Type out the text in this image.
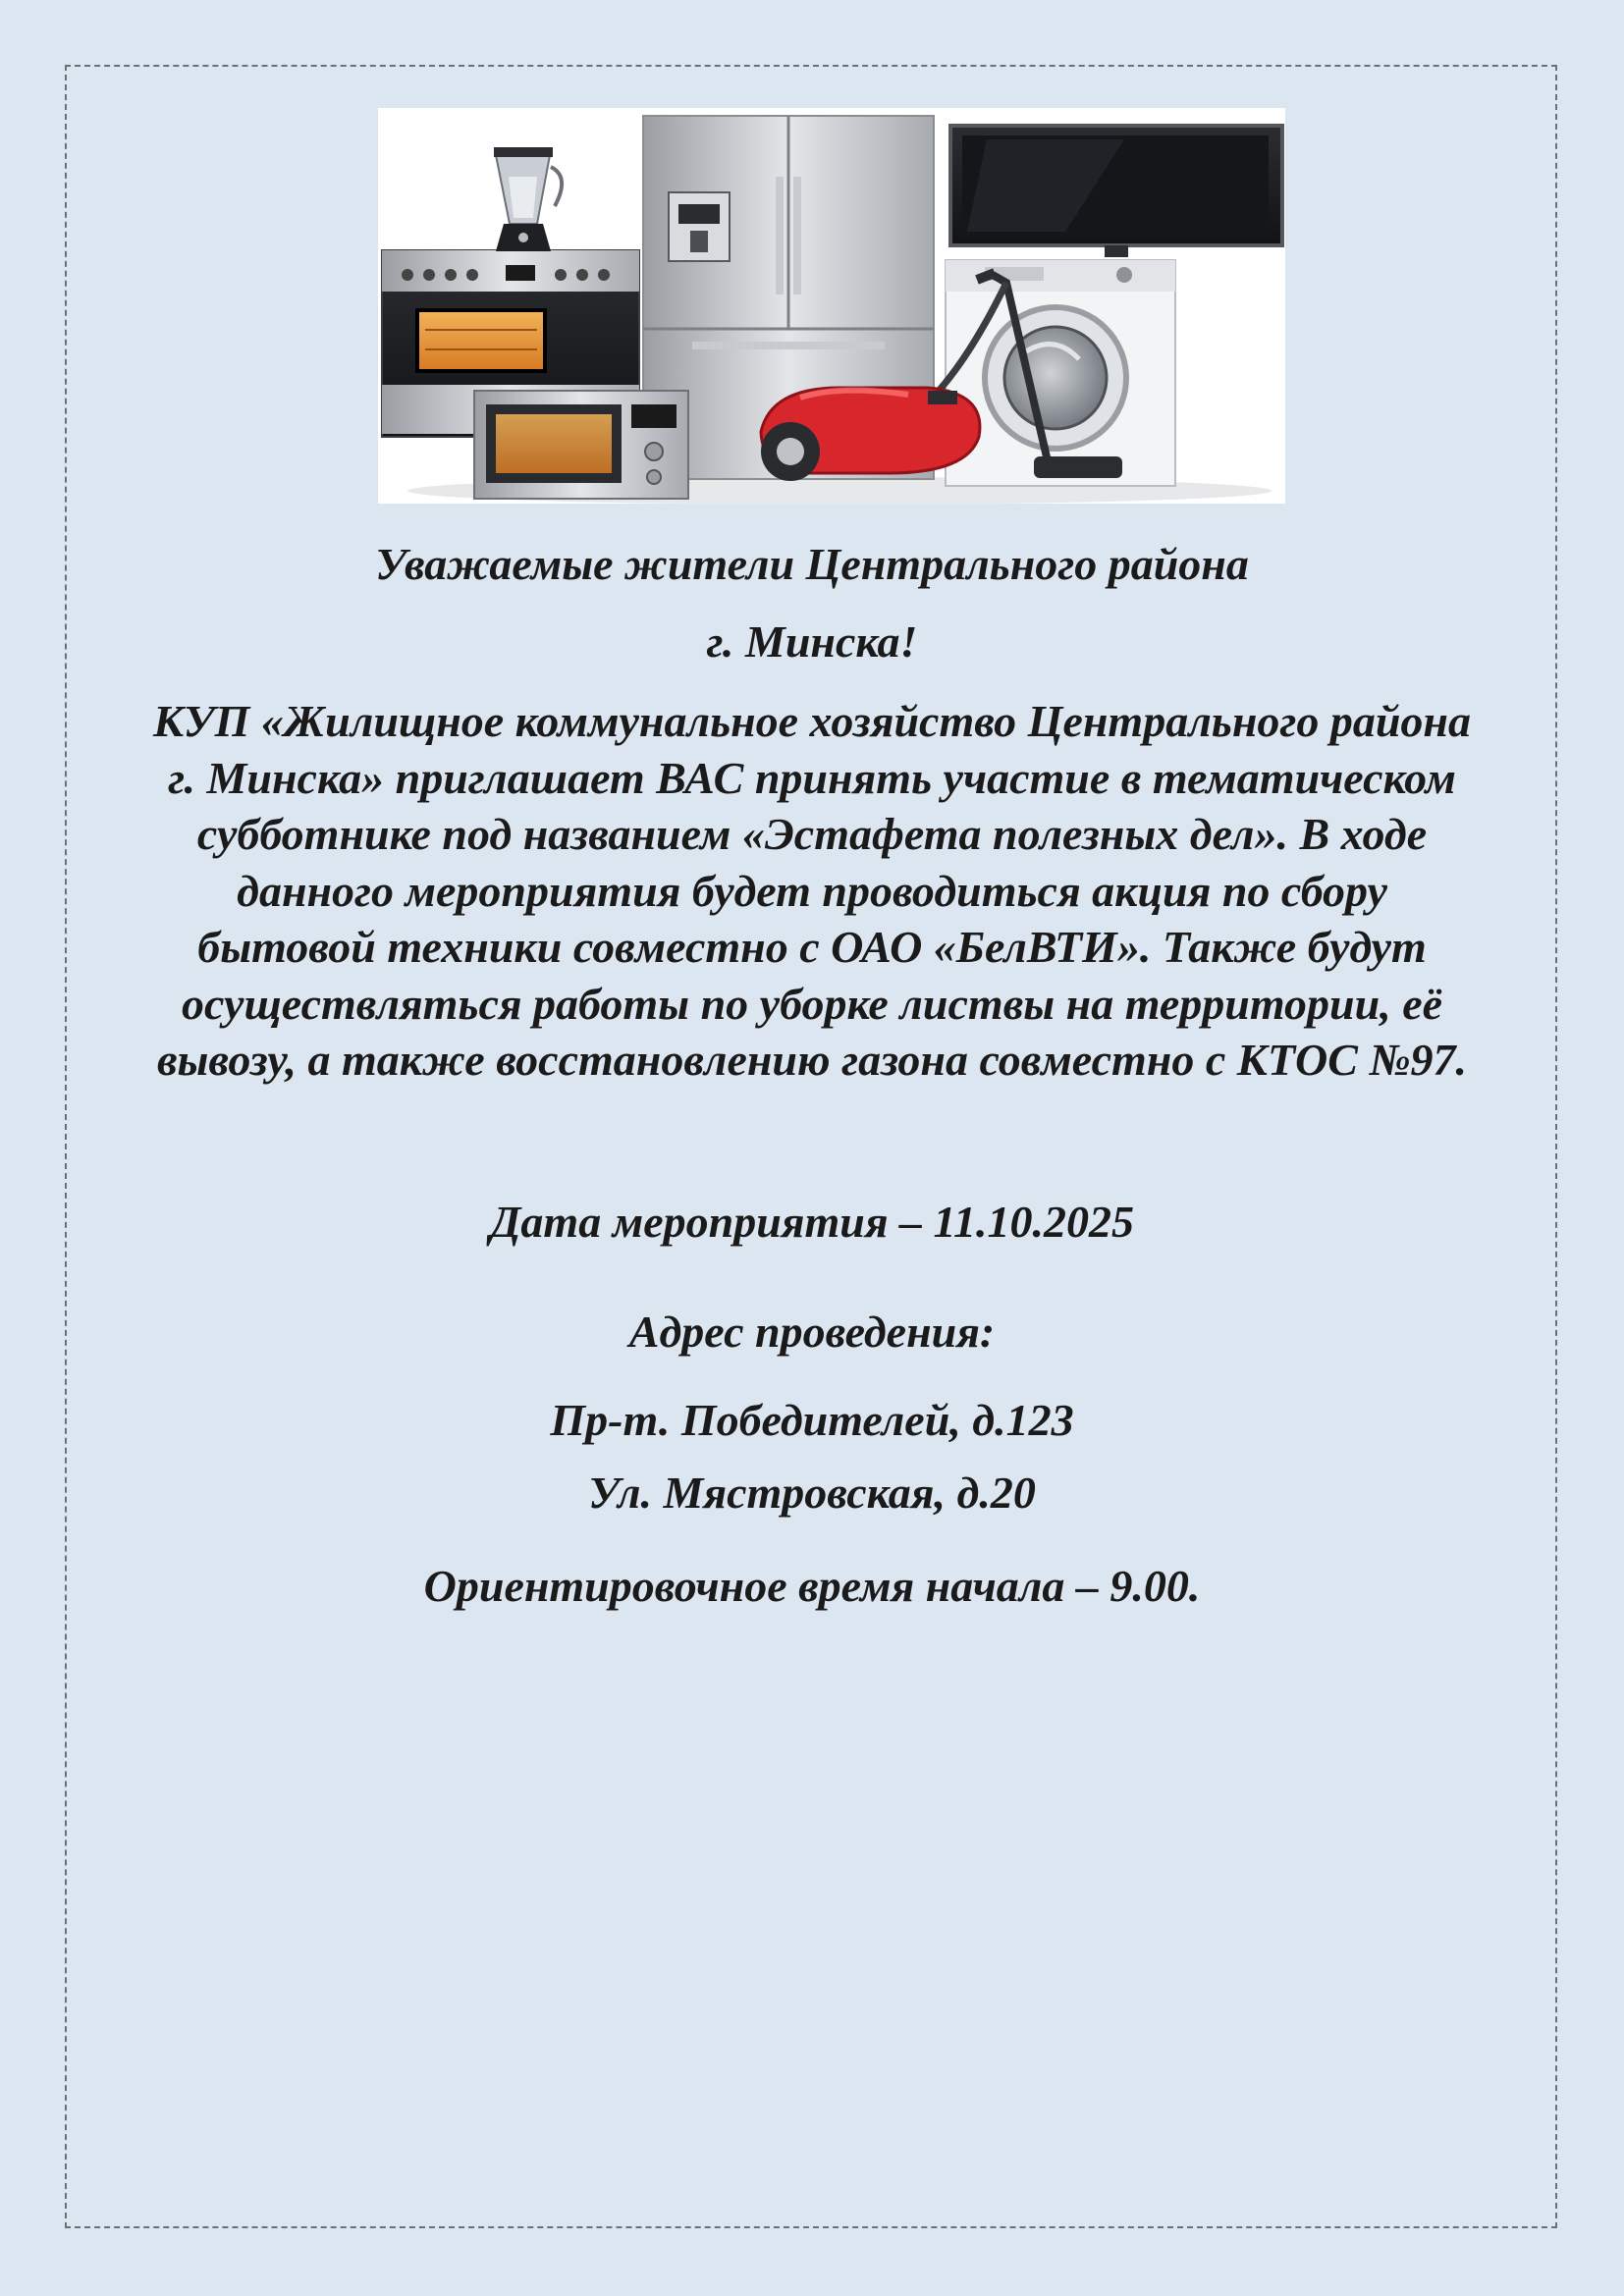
Уважаемые жители Центрального района

г. Минска!

КУП «Жилищное коммунальное хозяйство Центрального района г. Минска» приглашает ВАС принять участие в тематическом субботнике под названием «Эстафета полезных дел». В ходе данного мероприятия будет проводиться акция по сбору бытовой техники совместно с ОАО «БелВТИ». Также будут осуществляться работы по уборке листвы на территории, её вывозу, а также восстановлению газона совместно с КТОС №97.

Дата мероприятия – 11.10.2025

Адрес проведения:

Пр-т. Победителей, д.123

Ул. Мястровская, д.20

Ориентировочное время начала – 9.00.
